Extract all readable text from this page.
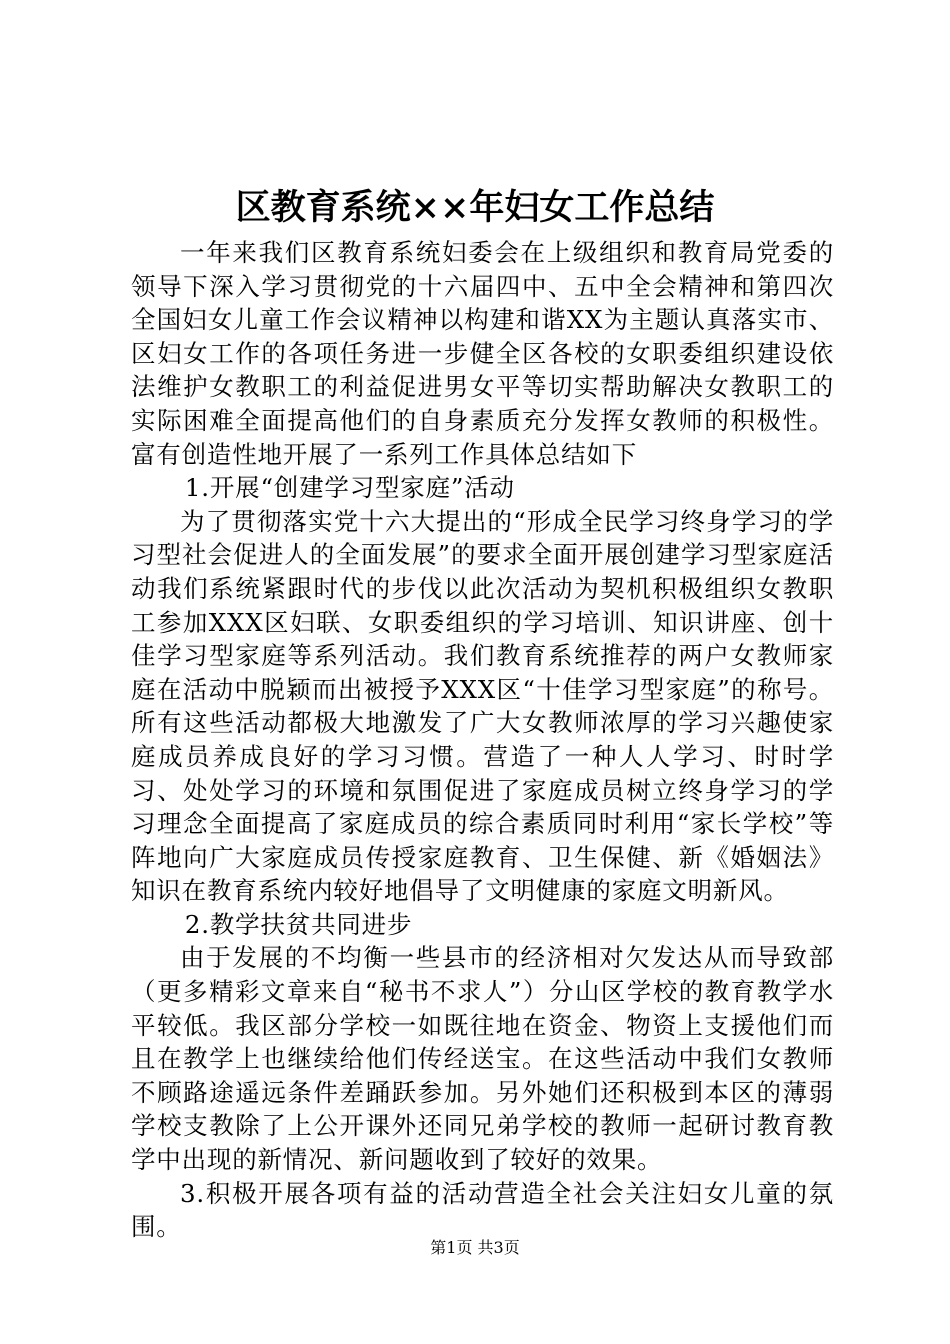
区教育系统××年妇女工作总结

一年来我们区教育系统妇委会在上级组织和教育局党委的领导下深入学习贯彻党的十六届四中、五中全会精神和第四次全国妇女儿童工作会议精神以构建和谐XX为主题认真落实市、区妇女工作的各项任务进一步健全区各校的女职委组织建设依法维护女教职工的利益促进男女平等切实帮助解决女教职工的实际困难全面提高他们的自身素质充分发挥女教师的积极性。富有创造性地开展了一系列工作具体总结如下

1.开展“创建学习型家庭”活动

为了贯彻落实党十六大提出的“形成全民学习终身学习的学习型社会促进人的全面发展”的要求全面开展创建学习型家庭活动我们系统紧跟时代的步伐以此次活动为契机积极组织女教职工参加XXX区妇联、女职委组织的学习培训、知识讲座、创十佳学习型家庭等系列活动。我们教育系统推荐的两户女教师家庭在活动中脱颖而出被授予XXX区“十佳学习型家庭”的称号。所有这些活动都极大地激发了广大女教师浓厚的学习兴趣使家庭成员养成良好的学习习惯。营造了一种人人学习、时时学习、处处学习的环境和氛围促进了家庭成员树立终身学习的学习理念全面提高了家庭成员的综合素质同时利用“家长学校”等阵地向广大家庭成员传授家庭教育、卫生保健、新《婚姻法》知识在教育系统内较好地倡导了文明健康的家庭文明新风。

2.教学扶贫共同进步

由于发展的不均衡一些县市的经济相对欠发达从而导致部（更多精彩文章来自“秘书不求人”）分山区学校的教育教学水平较低。我区部分学校一如既往地在资金、物资上支援他们而且在教学上也继续给他们传经送宝。在这些活动中我们女教师不顾路途遥远条件差踊跃参加。另外她们还积极到本区的薄弱学校支教除了上公开课外还同兄弟学校的教师一起研讨教育教学中出现的新情况、新问题收到了较好的效果。

3.积极开展各项有益的活动营造全社会关注妇女儿童的氛围。

第1页 共3页
